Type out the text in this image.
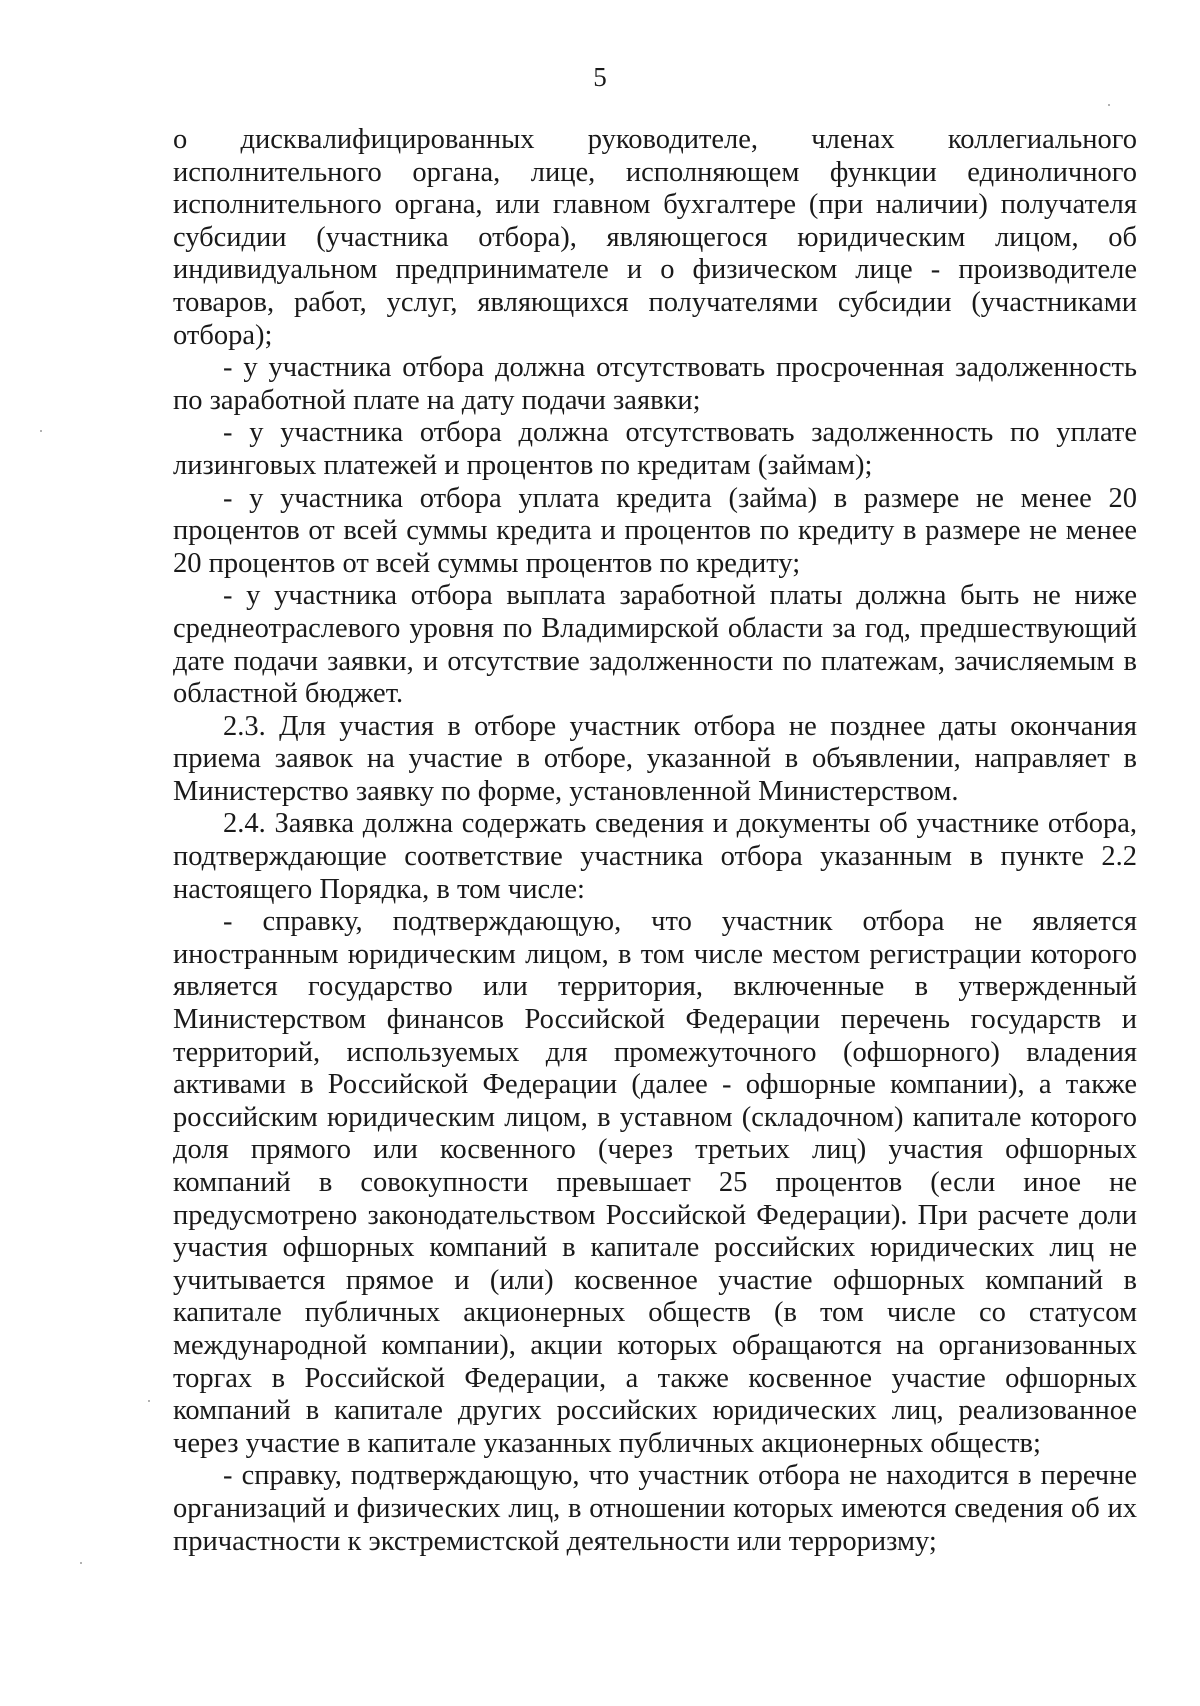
5

о дисквалифицированных руководителе, членах коллегиального исполнительного органа, лице, исполняющем функции единоличного исполнительного органа, или главном бухгалтере (при наличии) получателя субсидии (участника отбора), являющегося юридическим лицом, об индивидуальном предпринимателе и о физическом лице - производителе товаров, работ, услуг, являющихся получателями субсидии (участниками отбора);

- у участника отбора должна отсутствовать просроченная задолженность по заработной плате на дату подачи заявки;

- у участника отбора должна отсутствовать задолженность по уплате лизинговых платежей и процентов по кредитам (займам);

- у участника отбора уплата кредита (займа) в размере не менее 20 процентов от всей суммы кредита и процентов по кредиту в размере не менее 20 процентов от всей суммы процентов по кредиту;

- у участника отбора выплата заработной платы должна быть не ниже среднеотраслевого уровня по Владимирской области за год, предшествующий дате подачи заявки, и отсутствие задолженности по платежам, зачисляемым в областной бюджет.

2.3. Для участия в отборе участник отбора не позднее даты окончания приема заявок на участие в отборе, указанной в объявлении, направляет в Министерство заявку по форме, установленной Министерством.

2.4. Заявка должна содержать сведения и документы об участнике отбора, подтверждающие соответствие участника отбора указанным в пункте 2.2 настоящего Порядка, в том числе:

- справку, подтверждающую, что участник отбора не является иностранным юридическим лицом, в том числе местом регистрации которого является государство или территория, включенные в утвержденный Министерством финансов Российской Федерации перечень государств и территорий, используемых для промежуточного (офшорного) владения активами в Российской Федерации (далее - офшорные компании), а также российским юридическим лицом, в уставном (складочном) капитале которого доля прямого или косвенного (через третьих лиц) участия офшорных компаний в совокупности превышает 25 процентов (если иное не предусмотрено законодательством Российской Федерации). При расчете доли участия офшорных компаний в капитале российских юридических лиц не учитывается прямое и (или) косвенное участие офшорных компаний в капитале публичных акционерных обществ (в том числе со статусом международной компании), акции которых обращаются на организованных торгах в Российской Федерации, а также косвенное участие офшорных компаний в капитале других российских юридических лиц, реализованное через участие в капитале указанных публичных акционерных обществ;

- справку, подтверждающую, что участник отбора не находится в перечне организаций и физических лиц, в отношении которых имеются сведения об их причастности к экстремистской деятельности или терроризму;
